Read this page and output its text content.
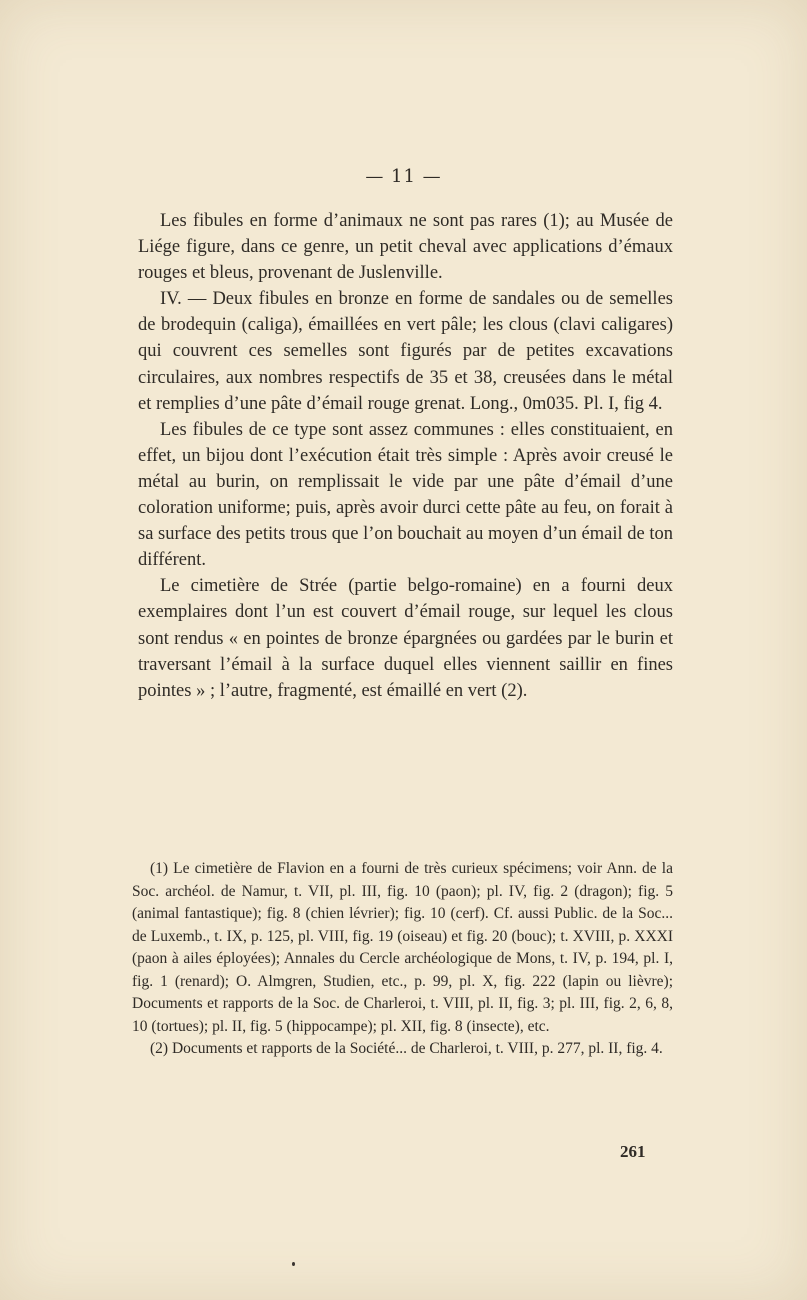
— 11 —

Les fibules en forme d’animaux ne sont pas rares (1); au Musée de Liége figure, dans ce genre, un petit cheval avec applications d’émaux rouges et bleus, provenant de Juslenville.

IV. — Deux fibules en bronze en forme de sandales ou de semelles de brodequin (caliga), émaillées en vert pâle; les clous (clavi caligares) qui couvrent ces semelles sont figurés par de petites excavations circulaires, aux nombres respectifs de 35 et 38, creusées dans le métal et remplies d’une pâte d’émail rouge grenat. Long., 0m035. Pl. I, fig 4.

Les fibules de ce type sont assez communes : elles constituaient, en effet, un bijou dont l’exécution était très simple : Après avoir creusé le métal au burin, on remplissait le vide par une pâte d’émail d’une coloration uniforme; puis, après avoir durci cette pâte au feu, on forait à sa surface des petits trous que l’on bouchait au moyen d’un émail de ton différent.

Le cimetière de Strée (partie belgo-romaine) en a fourni deux exemplaires dont l’un est couvert d’émail rouge, sur lequel les clous sont rendus « en pointes de bronze épargnées ou gardées par le burin et traversant l’émail à la surface duquel elles viennent saillir en fines pointes » ; l’autre, fragmenté, est émaillé en vert (2).

(1) Le cimetière de Flavion en a fourni de très curieux spécimens; voir Ann. de la Soc. archéol. de Namur, t. VII, pl. III, fig. 10 (paon); pl. IV, fig. 2 (dragon); fig. 5 (animal fantastique); fig. 8 (chien lévrier); fig. 10 (cerf). Cf. aussi Public. de la Soc... de Luxemb., t. IX, p. 125, pl. VIII, fig. 19 (oiseau) et fig. 20 (bouc); t. XVIII, p. XXXI (paon à ailes éployées); Annales du Cercle archéologique de Mons, t. IV, p. 194, pl. I, fig. 1 (renard); O. Almgren, Studien, etc., p. 99, pl. X, fig. 222 (lapin ou lièvre); Documents et rapports de la Soc. de Charleroi, t. VIII, pl. II, fig. 3; pl. III, fig. 2, 6, 8, 10 (tortues); pl. II, fig. 5 (hippocampe); pl. XII, fig. 8 (insecte), etc.

(2) Documents et rapports de la Société... de Charleroi, t. VIII, p. 277, pl. II, fig. 4.

261
